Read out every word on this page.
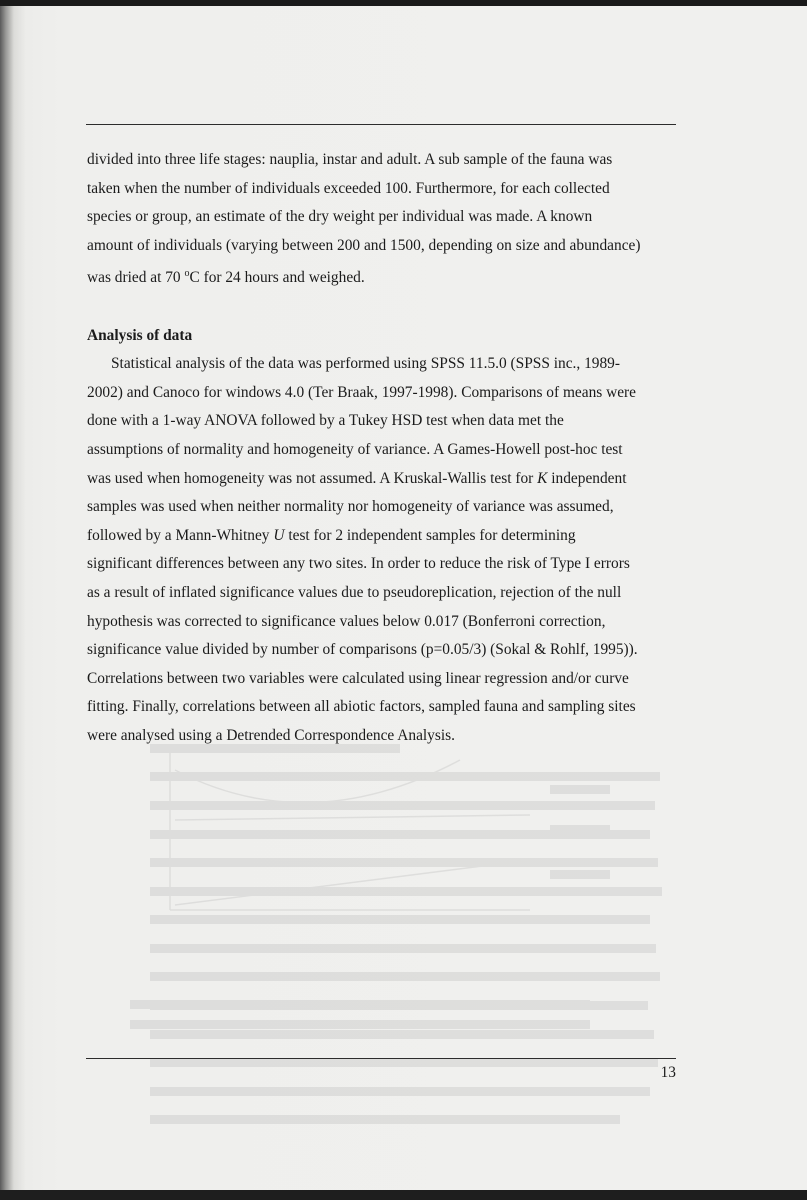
divided into three life stages: nauplia, instar and adult. A sub sample of the fauna was

taken when the number of individuals exceeded 100. Furthermore, for each collected

species or group, an estimate of the dry weight per individual was made. A known

amount of individuals (varying between 200 and 1500, depending on size and abundance)

was dried at 70 $^o$C for 24 hours and weighed.

Analysis of data

Statistical analysis of the data was performed using SPSS 11.5.0 (SPSS inc., 1989-

2002) and Canoco for windows 4.0 (Ter Braak, 1997-1998). Comparisons of means were

done with a 1-way ANOVA followed by a Tukey HSD test when data met the

assumptions of normality and homogeneity of variance. A Games-Howell post-hoc test

was used when homogeneity was not assumed. A Kruskal-Wallis test for K independent

samples was used when neither normality nor homogeneity of variance was assumed,

followed by a Mann-Whitney U test for 2 independent samples for determining

significant differences between any two sites. In order to reduce the risk of Type I errors

as a result of inflated significance values due to pseudoreplication, rejection of the null

hypothesis was corrected to significance values below 0.017 (Bonferroni correction,

significance value divided by number of comparisons (p=0.05/3) (Sokal & Rohlf, 1995)).

Correlations between two variables were calculated using linear regression and/or curve

fitting. Finally, correlations between all abiotic factors, sampled fauna and sampling sites

were analysed using a Detrended Correspondence Analysis.

13
